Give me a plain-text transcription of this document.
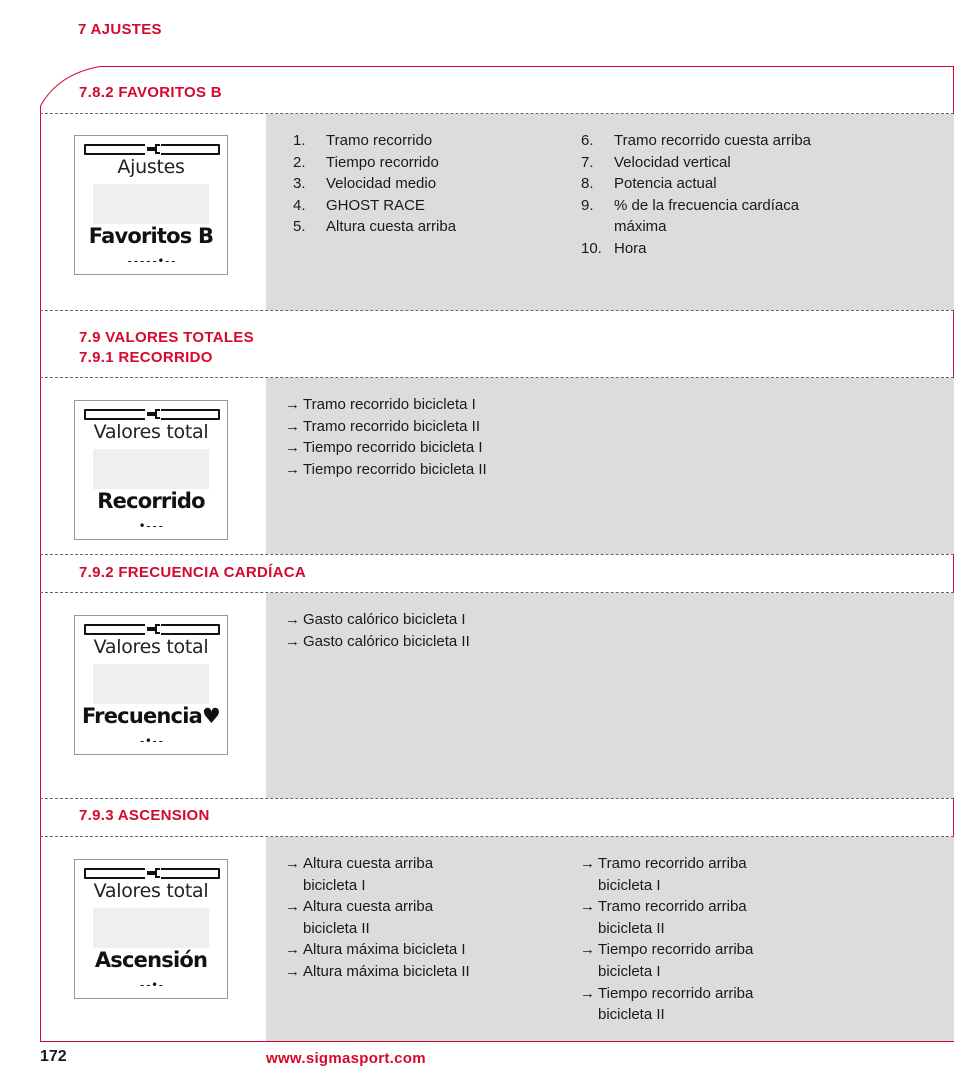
7 AJUSTES
7.8.2 FAVORITOS B
Ajustes
Favoritos B
-----•--
1.	Tramo recorrido
2.	Tiempo recorrido
3.	Velocidad medio
4.	GHOST RACE
5.	Altura cuesta arriba
6.	Tramo recorrido cuesta arriba
7.	Velocidad vertical
8.	Potencia actual
9.	% de la frecuencia cardíaca máxima
10. Hora
7.9 VALORES TOTALES
7.9.1 RECORRIDO
Valores total
Recorrido
•---
→ Tramo recorrido bicicleta I
→ Tramo recorrido bicicleta II
→ Tiempo recorrido bicicleta I
→ Tiempo recorrido bicicleta II
7.9.2 FRECUENCIA CARDÍACA
Valores total
Frecuencia♥
-•--
→ Gasto calórico bicicleta I
→ Gasto calórico bicicleta II
7.9.3 ASCENSION
Valores total
Ascensión
--•-
→ Altura cuesta arriba bicicleta I
→ Altura cuesta arriba bicicleta II
→ Altura máxima bicicleta I
→ Altura máxima bicicleta II
→ Tramo recorrido arriba bicicleta I
→ Tramo recorrido arriba bicicleta II
→ Tiempo recorrido arriba bicicleta I
→ Tiempo recorrido arriba bicicleta II
172	www.sigmasport.com
